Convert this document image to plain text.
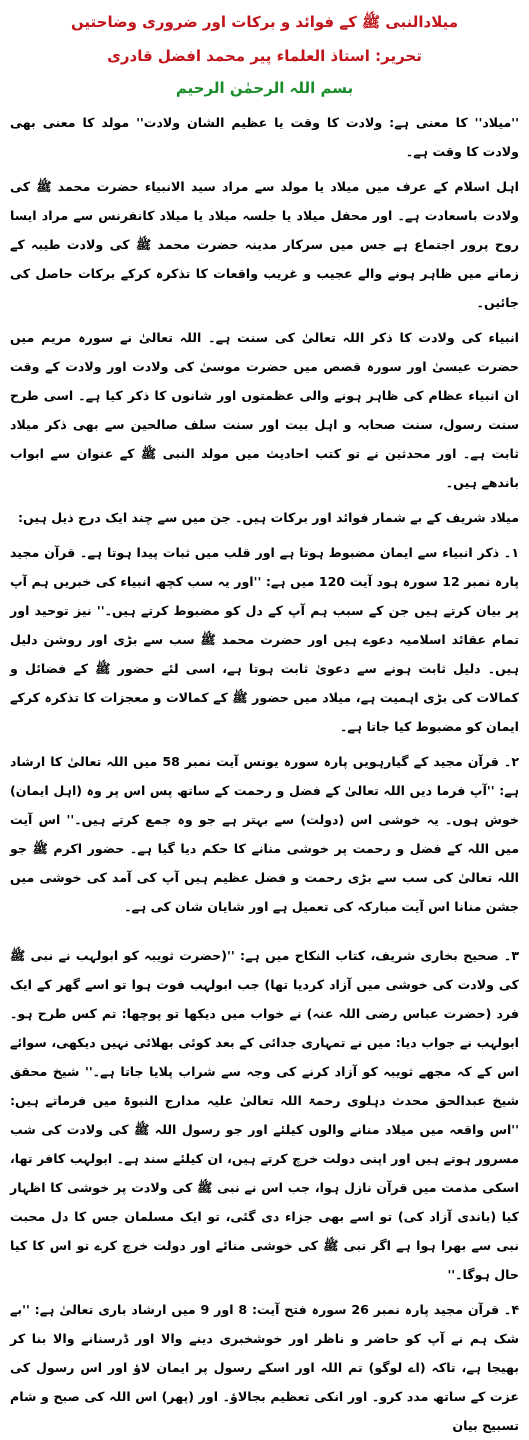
میلادالنبی ﷺ کے فوائد و برکات اور ضروری وضاحتیں
تحریر: استاذ العلماء پیر محمد افضل قادری
بسم اللہ الرحمٰن الرحیم

''میلاد'' کا معنی ہے: ولادت کا وقت یا عظیم الشان ولادت'' مولد کا معنی بھی ولادت کا وقت ہے۔

اہل اسلام کے عرف میں میلاد یا مولد سے مراد سید الانبیاء حضرت محمد ﷺ کی ولادت باسعادت ہے۔ اور محفل میلاد یا جلسہ میلاد یا میلاد کانفرنس سے مراد ایسا روح پرور اجتماع ہے جس میں سرکار مدینہ حضرت محمد ﷺ کی ولادت طیبہ کے زمانے میں ظاہر ہونے والے عجیب و غریب واقعات کا تذکرہ کرکے برکات حاصل کی جائیں۔

انبیاء کی ولادت کا ذکر اللہ تعالیٰ کی سنت ہے۔ اللہ تعالیٰ نے سورہ مریم میں حضرت عیسیٰ اور سورہ قصص میں حضرت موسیٰ کی ولادت اور ولادت کے وقت ان انبیاء عظام کی ظاہر ہونے والی عظمتوں اور شانوں کا ذکر کیا ہے۔ اسی طرح سنت رسول، سنت صحابہ و اہل بیت اور سنت سلف صالحین سے بھی ذکر میلاد ثابت ہے۔ اور محدثین نے تو کتب احادیث میں مولد النبی ﷺ کے عنوان سے ابواب باندھے ہیں۔

میلاد شریف کے بے شمار فوائد اور برکات ہیں۔ جن میں سے چند ایک درج ذیل ہیں:

۱۔ ذکر انبیاء سے ایمان مضبوط ہوتا ہے اور قلب میں ثبات پیدا ہوتا ہے۔ قرآن مجید پارہ نمبر 12 سورہ ہود آیت 120 میں ہے: ''اور یہ سب کچھ انبیاء کی خبریں ہم آپ پر بیان کرتے ہیں جن کے سبب ہم آپ کے دل کو مضبوط کرتے ہیں۔'' نیز توحید اور تمام عقائد اسلامیہ دعوے ہیں اور حضرت محمد ﷺ سب سے بڑی اور روشن دلیل ہیں۔ دلیل ثابت ہونے سے دعویٰ ثابت ہوتا ہے، اسی لئے حضور ﷺ کے فضائل و کمالات کی بڑی اہمیت ہے، میلاد میں حضور ﷺ کے کمالات و معجزات کا تذکرہ کرکے ایمان کو مضبوط کیا جاتا ہے۔

۲۔ قرآن مجید کے گیارہویں پارہ سورہ یونس آیت نمبر 58 میں اللہ تعالیٰ کا ارشاد ہے: ''آپ فرما دیں اللہ تعالیٰ کے فضل و رحمت کے ساتھ پس اس پر وہ (اہل ایمان) خوش ہوں۔ یہ خوشی اس (دولت) سے بہتر ہے جو وہ جمع کرتے ہیں۔'' اس آیت میں اللہ کے فضل و رحمت پر خوشی منانے کا حکم دیا گیا ہے۔ حضور اکرم ﷺ جو اللہ تعالیٰ کی سب سے بڑی رحمت و فضل عظیم ہیں آپ کی آمد کی خوشی میں جشن منانا اس آیت مبارکہ کی تعمیل ہے اور شایان شان کی ہے۔

۳۔ صحیح بخاری شریف، کتاب النکاح میں ہے: ''(حضرت ثویبہ کو ابولہب نے نبی ﷺ کی ولادت کی خوشی میں آزاد کردیا تھا) جب ابولہب فوت ہوا تو اسے گھر کے ایک فرد (حضرت عباس رضی اللہ عنہ) نے خواب میں دیکھا تو پوچھا: تم کس طرح ہو۔ ابولہب نے جواب دیا: میں نے تمہاری جدائی کے بعد کوئی بھلائی نہیں دیکھی، سوائے اس کے کہ مجھے ثویبہ کو آزاد کرنے کی وجہ سے شراب پلایا جاتا ہے۔'' شیخ محقق شیخ عبدالحق محدث دہلوی رحمۃ اللہ تعالیٰ علیہ مدارج النبوۃ میں فرماتے ہیں: ''اس واقعہ میں میلاد منانے والوں کیلئے اور جو رسول اللہ ﷺ کی ولادت کی شب مسرور ہوتے ہیں اور اپنی دولت خرچ کرتے ہیں، ان کیلئے سند ہے۔ ابولہب کافر تھا، اسکی مذمت میں قرآن نازل ہوا، جب اس نے نبی ﷺ کی ولادت پر خوشی کا اظہار کیا (باندی آزاد کی) تو اسے بھی جزاء دی گئی، تو ایک مسلمان جس کا دل محبت نبی سے بھرا ہوا ہے اگر نبی ﷺ کی خوشی منائے اور دولت خرچ کرے تو اس کا کیا حال ہوگا۔''

۴۔ قرآن مجید پارہ نمبر 26 سورہ فتح آیت: 8 اور 9 میں ارشاد باری تعالیٰ ہے: ''بے شک ہم نے آپ کو حاضر و ناظر اور خوشخبری دینے والا اور ڈرسنانے والا بنا کر بھیجا ہے، تاکہ (اے لوگو) تم اللہ اور اسکے رسول پر ایمان لاؤ اور اس رسول کی عزت کے ساتھ مدد کرو۔ اور انکی تعظیم بجالاؤ۔ اور (پھر) اس اللہ کی صبح و شام تسبیح بیان
